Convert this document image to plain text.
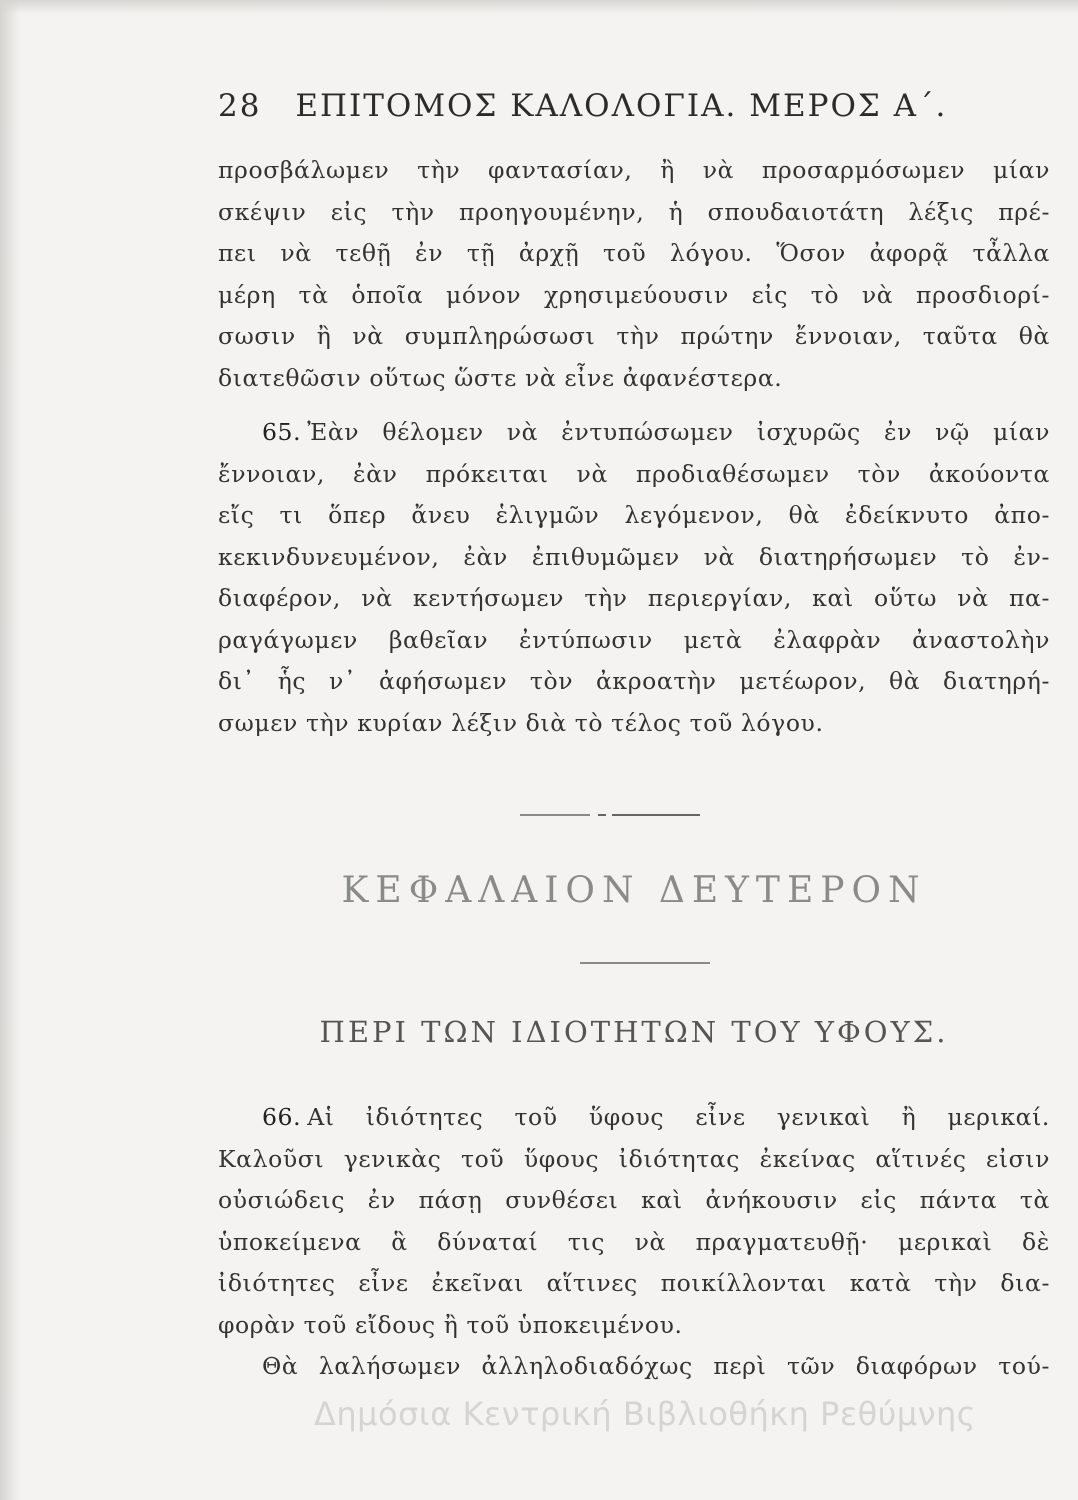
28 ΕΠΙΤΟΜΟΣ ΚΑΛΟΛΟΓΙΑ. ΜΕΡΟΣ Α΄.
προσβάλωμεν τὴν φαντασίαν, ἢ νὰ προσαρμόσωμεν μίαν
σκέψιν εἰς τὴν προηγουμένην, ἡ σπουδαιοτάτη λέξις πρέ-
πει νὰ τεθῇ ἐν τῇ ἀρχῇ τοῦ λόγου. Ὅσον ἀφορᾷ τἆλλα
μέρη τὰ ὁποῖα μόνον χρησιμεύουσιν εἰς τὸ νὰ προσδιορί-
σωσιν ἢ νὰ συμπληρώσωσι τὴν πρώτην ἔννοιαν, ταῦτα θὰ
διατεθῶσιν οὕτως ὥστε νὰ εἶνε ἀφανέστερα.
65. Ἐὰν θέλομεν νὰ ἐντυπώσωμεν ἰσχυρῶς ἐν νῷ μίαν
ἔννοιαν, ἐὰν πρόκειται νὰ προδιαθέσωμεν τὸν ἀκούοντα
εἴς τι ὅπερ ἄνευ ἑλιγμῶν λεγόμενον, θὰ ἐδείκνυτο ἀπο-
κεκινδυνευμένον, ἐὰν ἐπιθυμῶμεν νὰ διατηρήσωμεν τὸ ἐν-
διαφέρον, νὰ κεντήσωμεν τὴν περιεργίαν, καὶ οὕτω νὰ πα-
ραγάγωμεν βαθεῖαν ἐντύπωσιν μετὰ ἐλαφρὰν ἀναστολὴν
δι᾿ ἧς ν᾿ ἀφήσωμεν τὸν ἀκροατὴν μετέωρον, θὰ διατηρή-
σωμεν τὴν κυρίαν λέξιν διὰ τὸ τέλος τοῦ λόγου.
ΚΕΦΑΛΑΙΟΝ ΔΕΥΤΕΡΟΝ
ΠΕΡΙ ΤΩΝ ΙΔΙΟΤΗΤΩΝ ΤΟΥ ΥΦΟΥΣ.
66. Αἱ ἰδιότητες τοῦ ὕφους εἶνε γενικαὶ ἢ μερικαί.
Καλοῦσι γενικὰς τοῦ ὕφους ἰδιότητας ἐκείνας αἵτινές εἰσιν
οὐσιώδεις ἐν πάσῃ συνθέσει καὶ ἀνήκουσιν εἰς πάντα τὰ
ὑποκείμενα ἃ δύναταί τις νὰ πραγματευθῇ· μερικαὶ δὲ
ἰδιότητες εἶνε ἐκεῖναι αἵτινες ποικίλλονται κατὰ τὴν δια-
φορὰν τοῦ εἴδους ἢ τοῦ ὑποκειμένου.
Θὰ λαλήσωμεν ἀλληλοδιαδόχως περὶ τῶν διαφόρων τού-
Δημόσια Κεντρική Βιβλιοθήκη Ρεθύμνης
